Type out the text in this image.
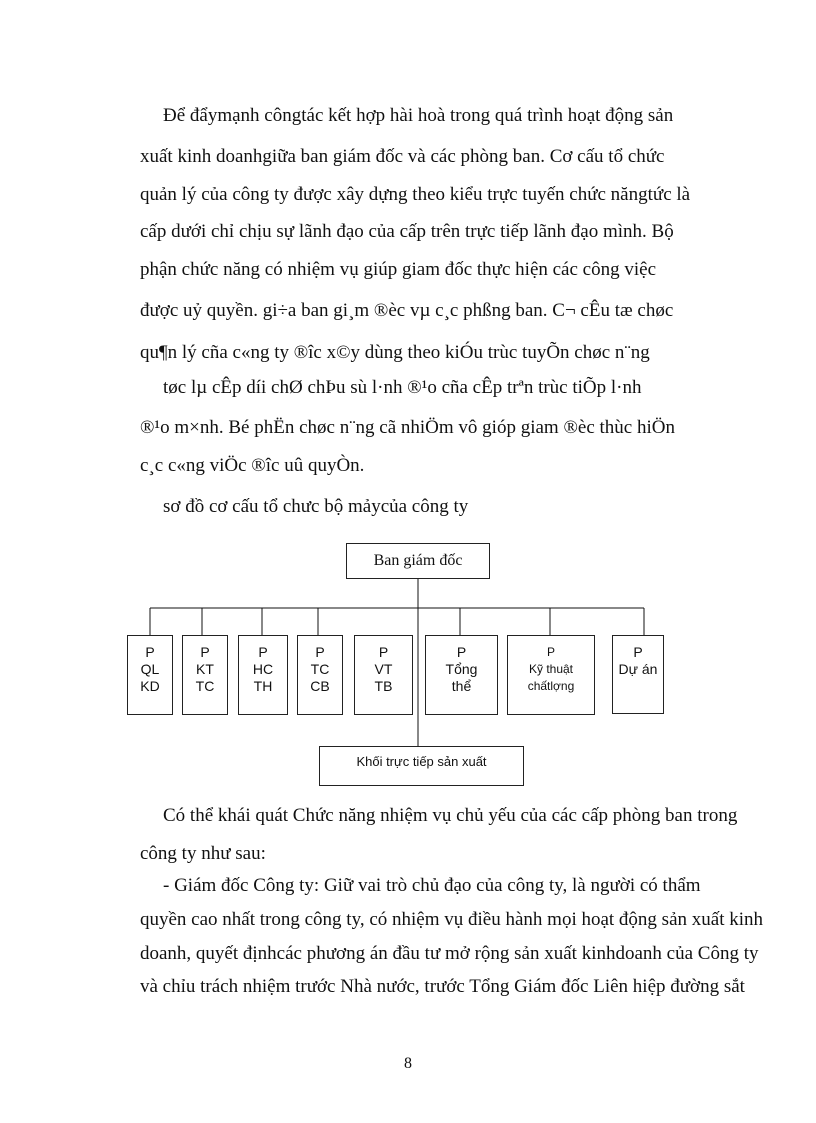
Để đẩymạnh côngtác kết hợp hài hoà trong quá trình hoạt động sản
xuất kinh doanhgiữa ban giám đốc và các phòng ban. Cơ cấu tổ chức
quản lý của công ty được xây dựng theo kiểu trực tuyến chức năngtức là
cấp dưới chỉ chịu sự lãnh đạo của cấp trên trực tiếp lãnh đạo mình. Bộ
phận chức năng có nhiệm vụ giúp giam đốc thực hiện các công việc
được uỷ quyền. gi÷a ban gi¸m ®èc vµ c¸c phßng ban. C¬ cÊu tæ chøc
qu¶n lý cña c«ng ty ®îc x©y dùng theo kiÓu trùc tuyÕn chøc n¨ng
tøc lµ cÊp díi chØ chÞu sù l·nh ®¹o cña cÊp trªn trùc tiÕp l·nh
®¹o m×nh. Bé phËn chøc n¨ng cã nhiÖm vô gióp giam ®èc thùc hiÖn
c¸c c«ng viÖc ®îc uû quyÒn.
sơ đồ cơ cấu tổ chưc bộ mảycủa công ty
Ban giám đốc
P
QL
KD
P
KT
TC
P
HC
TH
P
TC
CB
P
VT
TB
P
Tổng
thể
P
Kỹ thuật
chấtlợng
P
Dự án
Khối trực tiếp sản xuất
Có thể khái quát Chức năng nhiệm vụ chủ yếu của các cấp phòng ban trong
công ty như sau:
- Giám đốc Công ty: Giữ vai trò chủ đạo của công ty, là người có thẩm
quyền cao nhất trong công ty, có nhiệm vụ điều hành mọi hoạt động sản xuất kinh
doanh, quyết địnhcác phương án đầu tư mở rộng sản xuất kinhdoanh của Công ty
và chỉu trách nhiệm trước Nhà nước, trước Tổng Giám đốc Liên hiệp đường sắt
8
